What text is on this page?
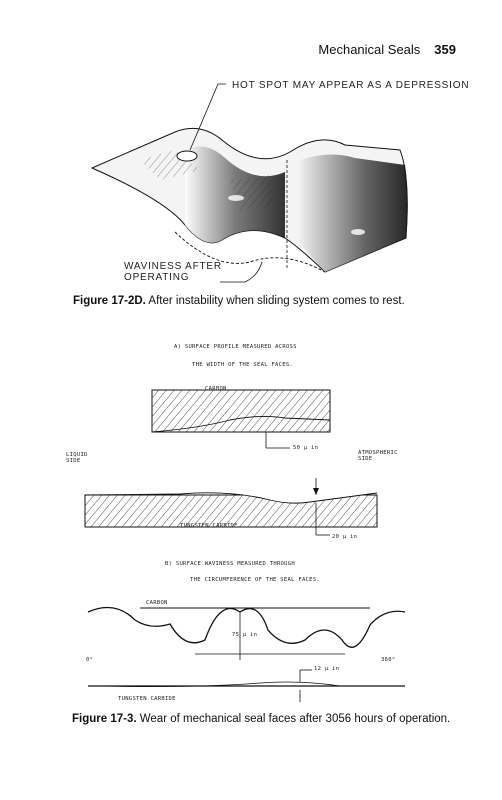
Mechanical Seals 359
HOT SPOT MAY APPEAR AS A DEPRESSION
WAVINESS AFTER OPERATING
Figure 17-2D. After instability when sliding system comes to rest.
A) SURFACE PROFILE MEASURED ACROSS
THE WIDTH OF THE SEAL FACES.
CARBON
50 μ in
LIQUID SIDE
ATMOSPHERIC SIDE
TUNGSTEN CARBIDE
20 μ in
B) SURFACE WAVINESS MEASURED THROUGH
THE CIRCUMFERENCE OF THE SEAL FACES.
CARBON
75 μ in
0°	360°
12 μ in
TUNGSTEN CARBIDE
Figure 17-3. Wear of mechanical seal faces after 3056 hours of operation.
